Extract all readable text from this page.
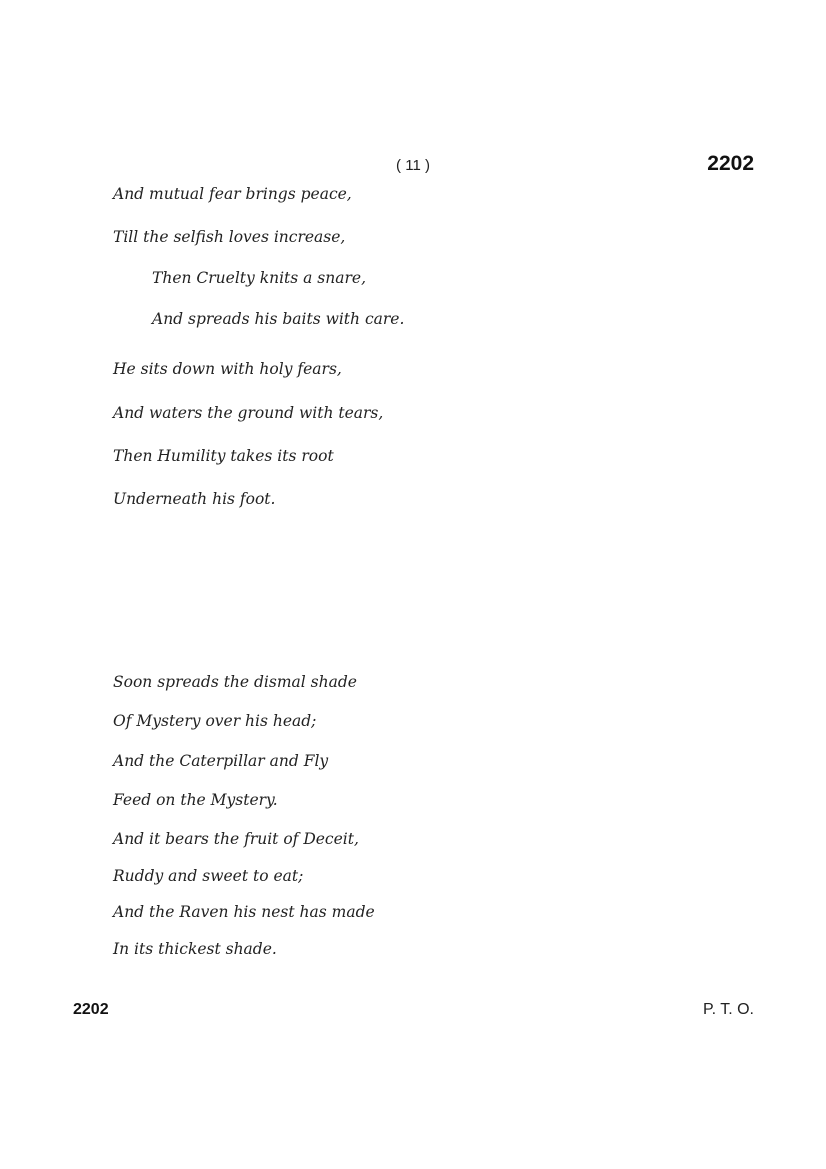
( 11 )	2202
And mutual fear brings peace,
Till the selfish loves increase,
Then Cruelty knits a snare,
And spreads his baits with care.
He sits down with holy fears,
And waters the ground with tears,
Then Humility takes its root
Underneath his foot.
Soon spreads the dismal shade
Of Mystery over his head;
And the Caterpillar and Fly
Feed on the Mystery.
And it bears the fruit of Deceit,
Ruddy and sweet to eat;
And the Raven his nest has made
In its thickest shade.
2202	P. T. O.
